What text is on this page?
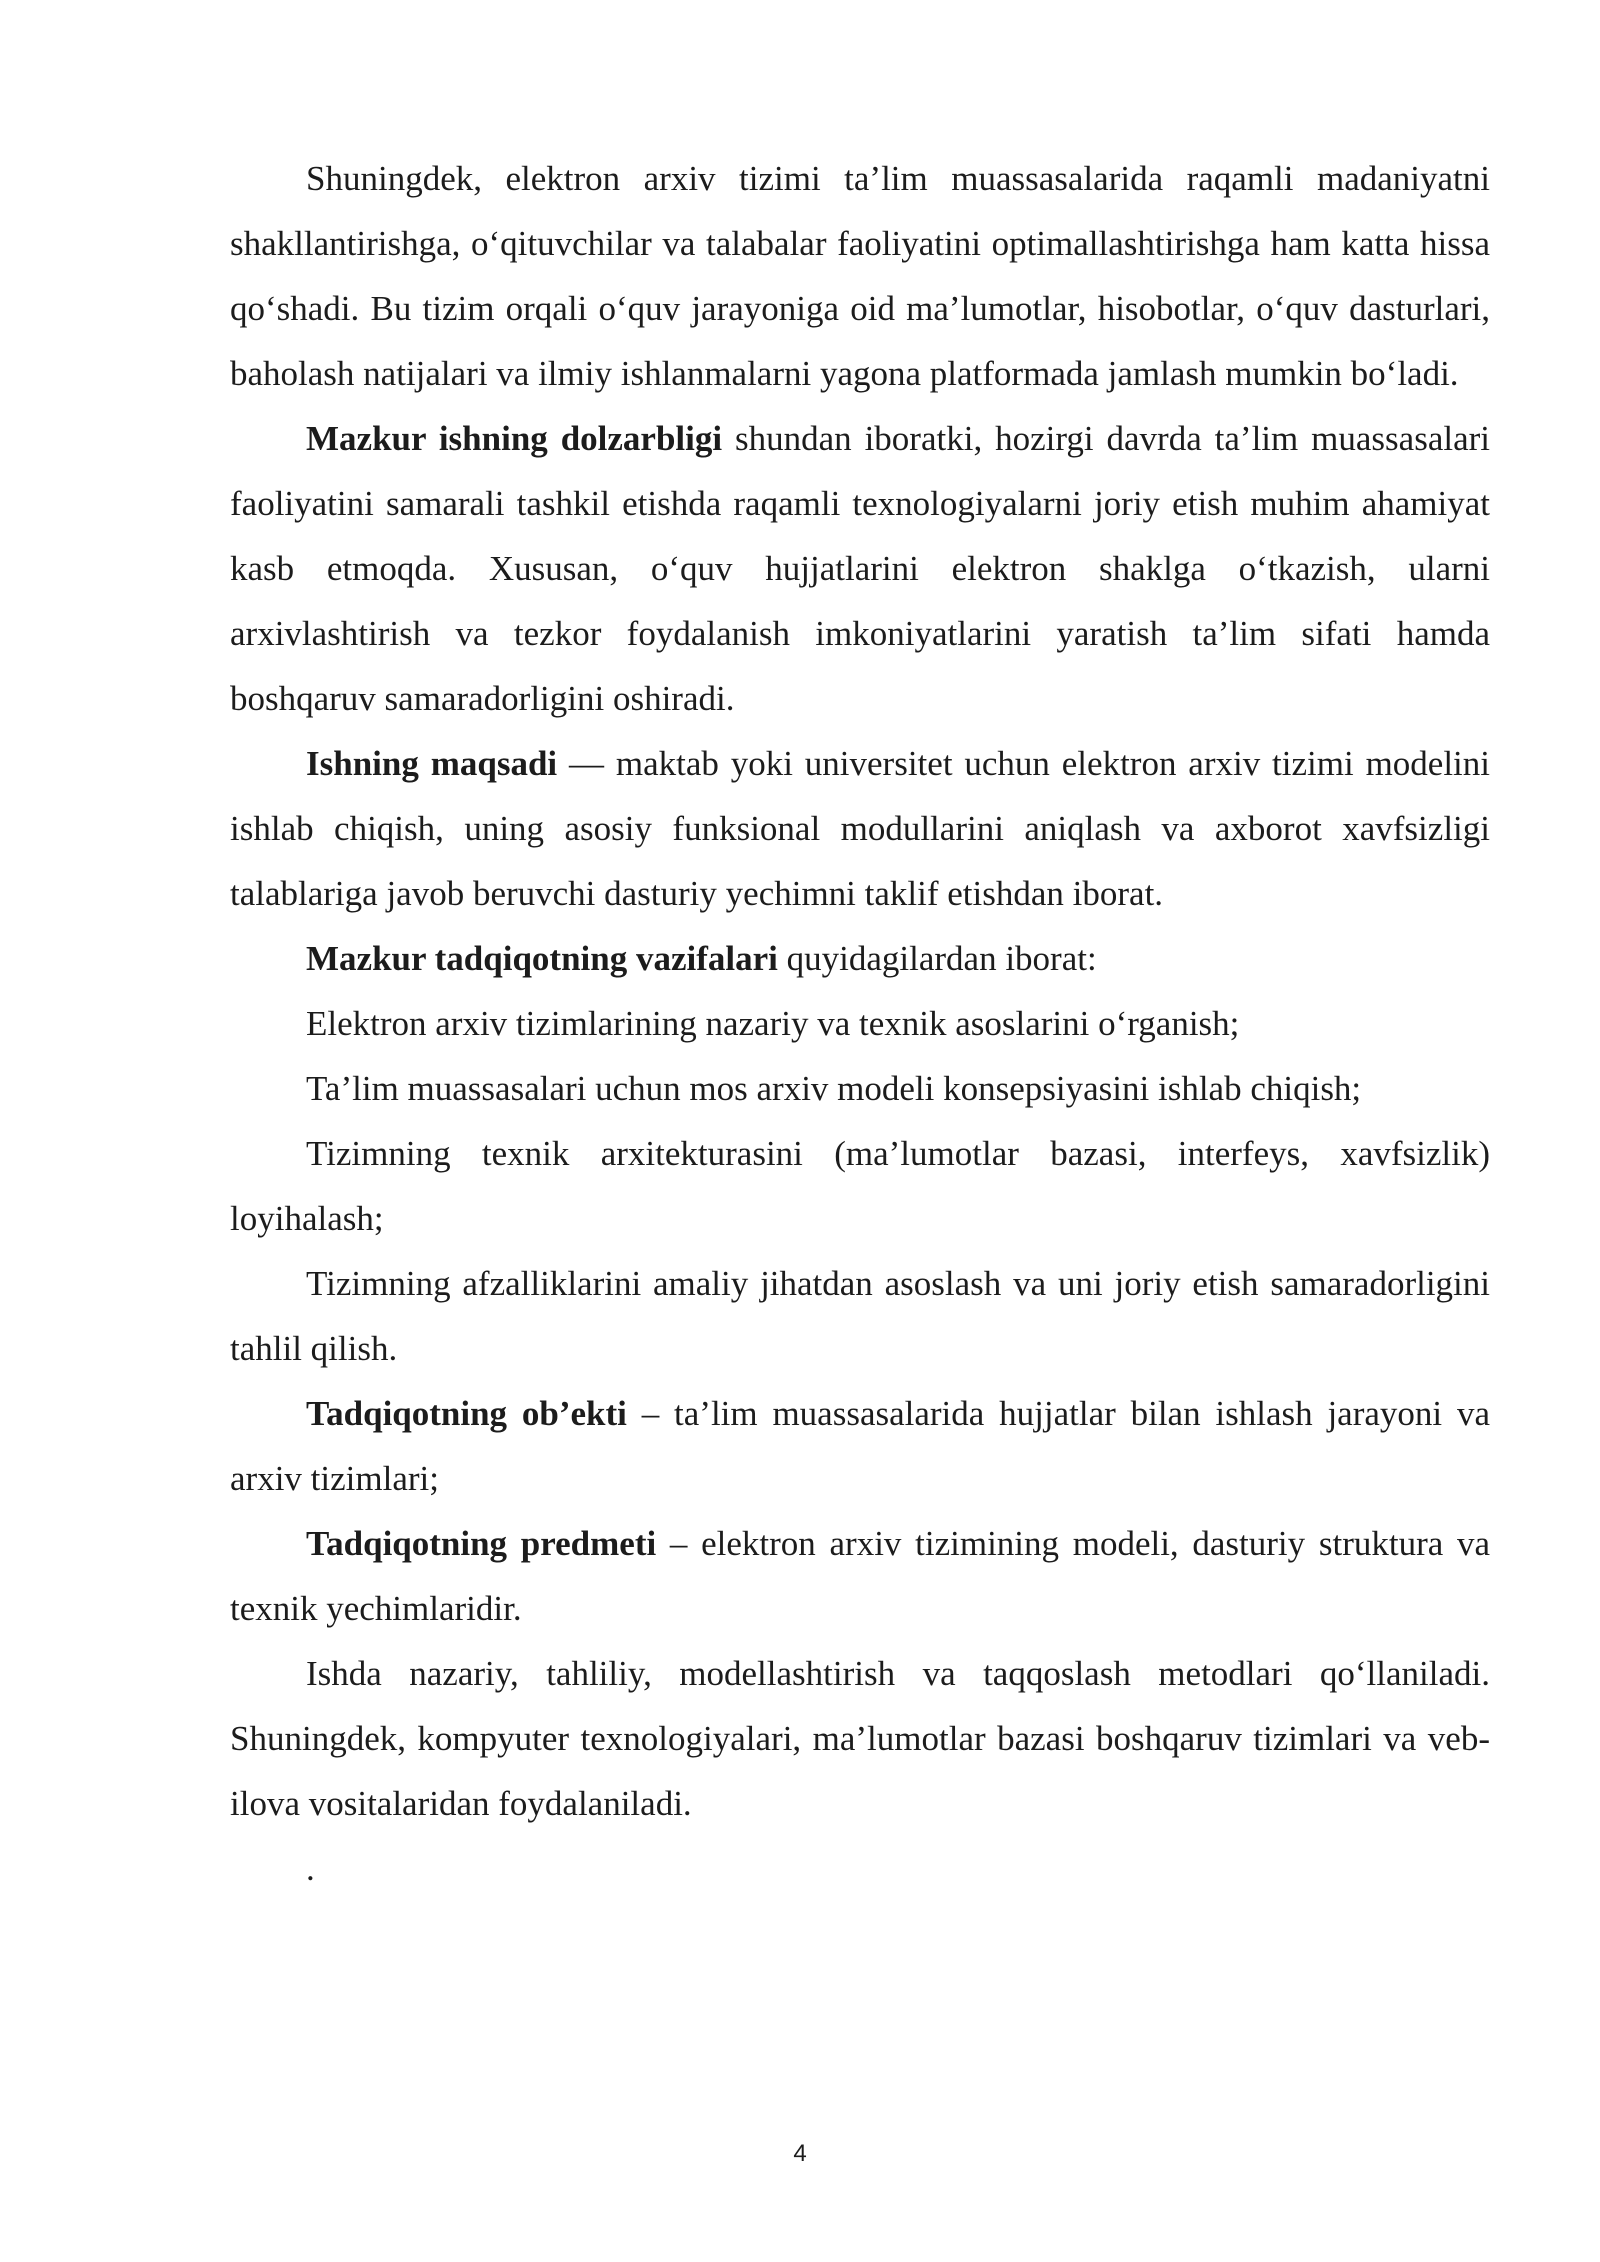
Shuningdek, elektron arxiv tizimi ta’lim muassasalarida raqamli madaniyatni shakllantirishga, o‘qituvchilar va talabalar faoliyatini optimallashtirishga ham katta hissa qo‘shadi. Bu tizim orqali o‘quv jarayoniga oid ma’lumotlar, hisobotlar, o‘quv dasturlari, baholash natijalari va ilmiy ishlanmalarni yagona platformada jamlash mumkin bo‘ladi.

Mazkur ishning dolzarbligi shundan iboratki, hozirgi davrda ta’lim muassasalari faoliyatini samarali tashkil etishda raqamli texnologiyalarni joriy etish muhim ahamiyat kasb etmoqda. Xususan, o‘quv hujjatlarini elektron shaklga o‘tkazish, ularni arxivlashtirish va tezkor foydalanish imkoniyatlarini yaratish ta’lim sifati hamda boshqaruv samaradorligini oshiradi.

Ishning maqsadi — maktab yoki universitet uchun elektron arxiv tizimi modelini ishlab chiqish, uning asosiy funksional modullarini aniqlash va axborot xavfsizligi talablariga javob beruvchi dasturiy yechimni taklif etishdan iborat.

Mazkur tadqiqotning vazifalari quyidagilardan iborat:

Elektron arxiv tizimlarining nazariy va texnik asoslarini o‘rganish;

Ta’lim muassasalari uchun mos arxiv modeli konsepsiyasini ishlab chiqish;

Tizimning texnik arxitekturasini (ma’lumotlar bazasi, interfeys, xavfsizlik) loyihalash;

Tizimning afzalliklarini amaliy jihatdan asoslash va uni joriy etish samaradorligini tahlil qilish.

Tadqiqotning ob’ekti – ta’lim muassasalarida hujjatlar bilan ishlash jarayoni va arxiv tizimlari;

Tadqiqotning predmeti – elektron arxiv tizimining modeli, dasturiy struktura va texnik yechimlaridir.

Ishda nazariy, tahliliy, modellashtirish va taqqoslash metodlari qo‘llaniladi. Shuningdek, kompyuter texnologiyalari, ma’lumotlar bazasi boshqaruv tizimlari va veb-ilova vositalaridan foydalaniladi.

.

4
